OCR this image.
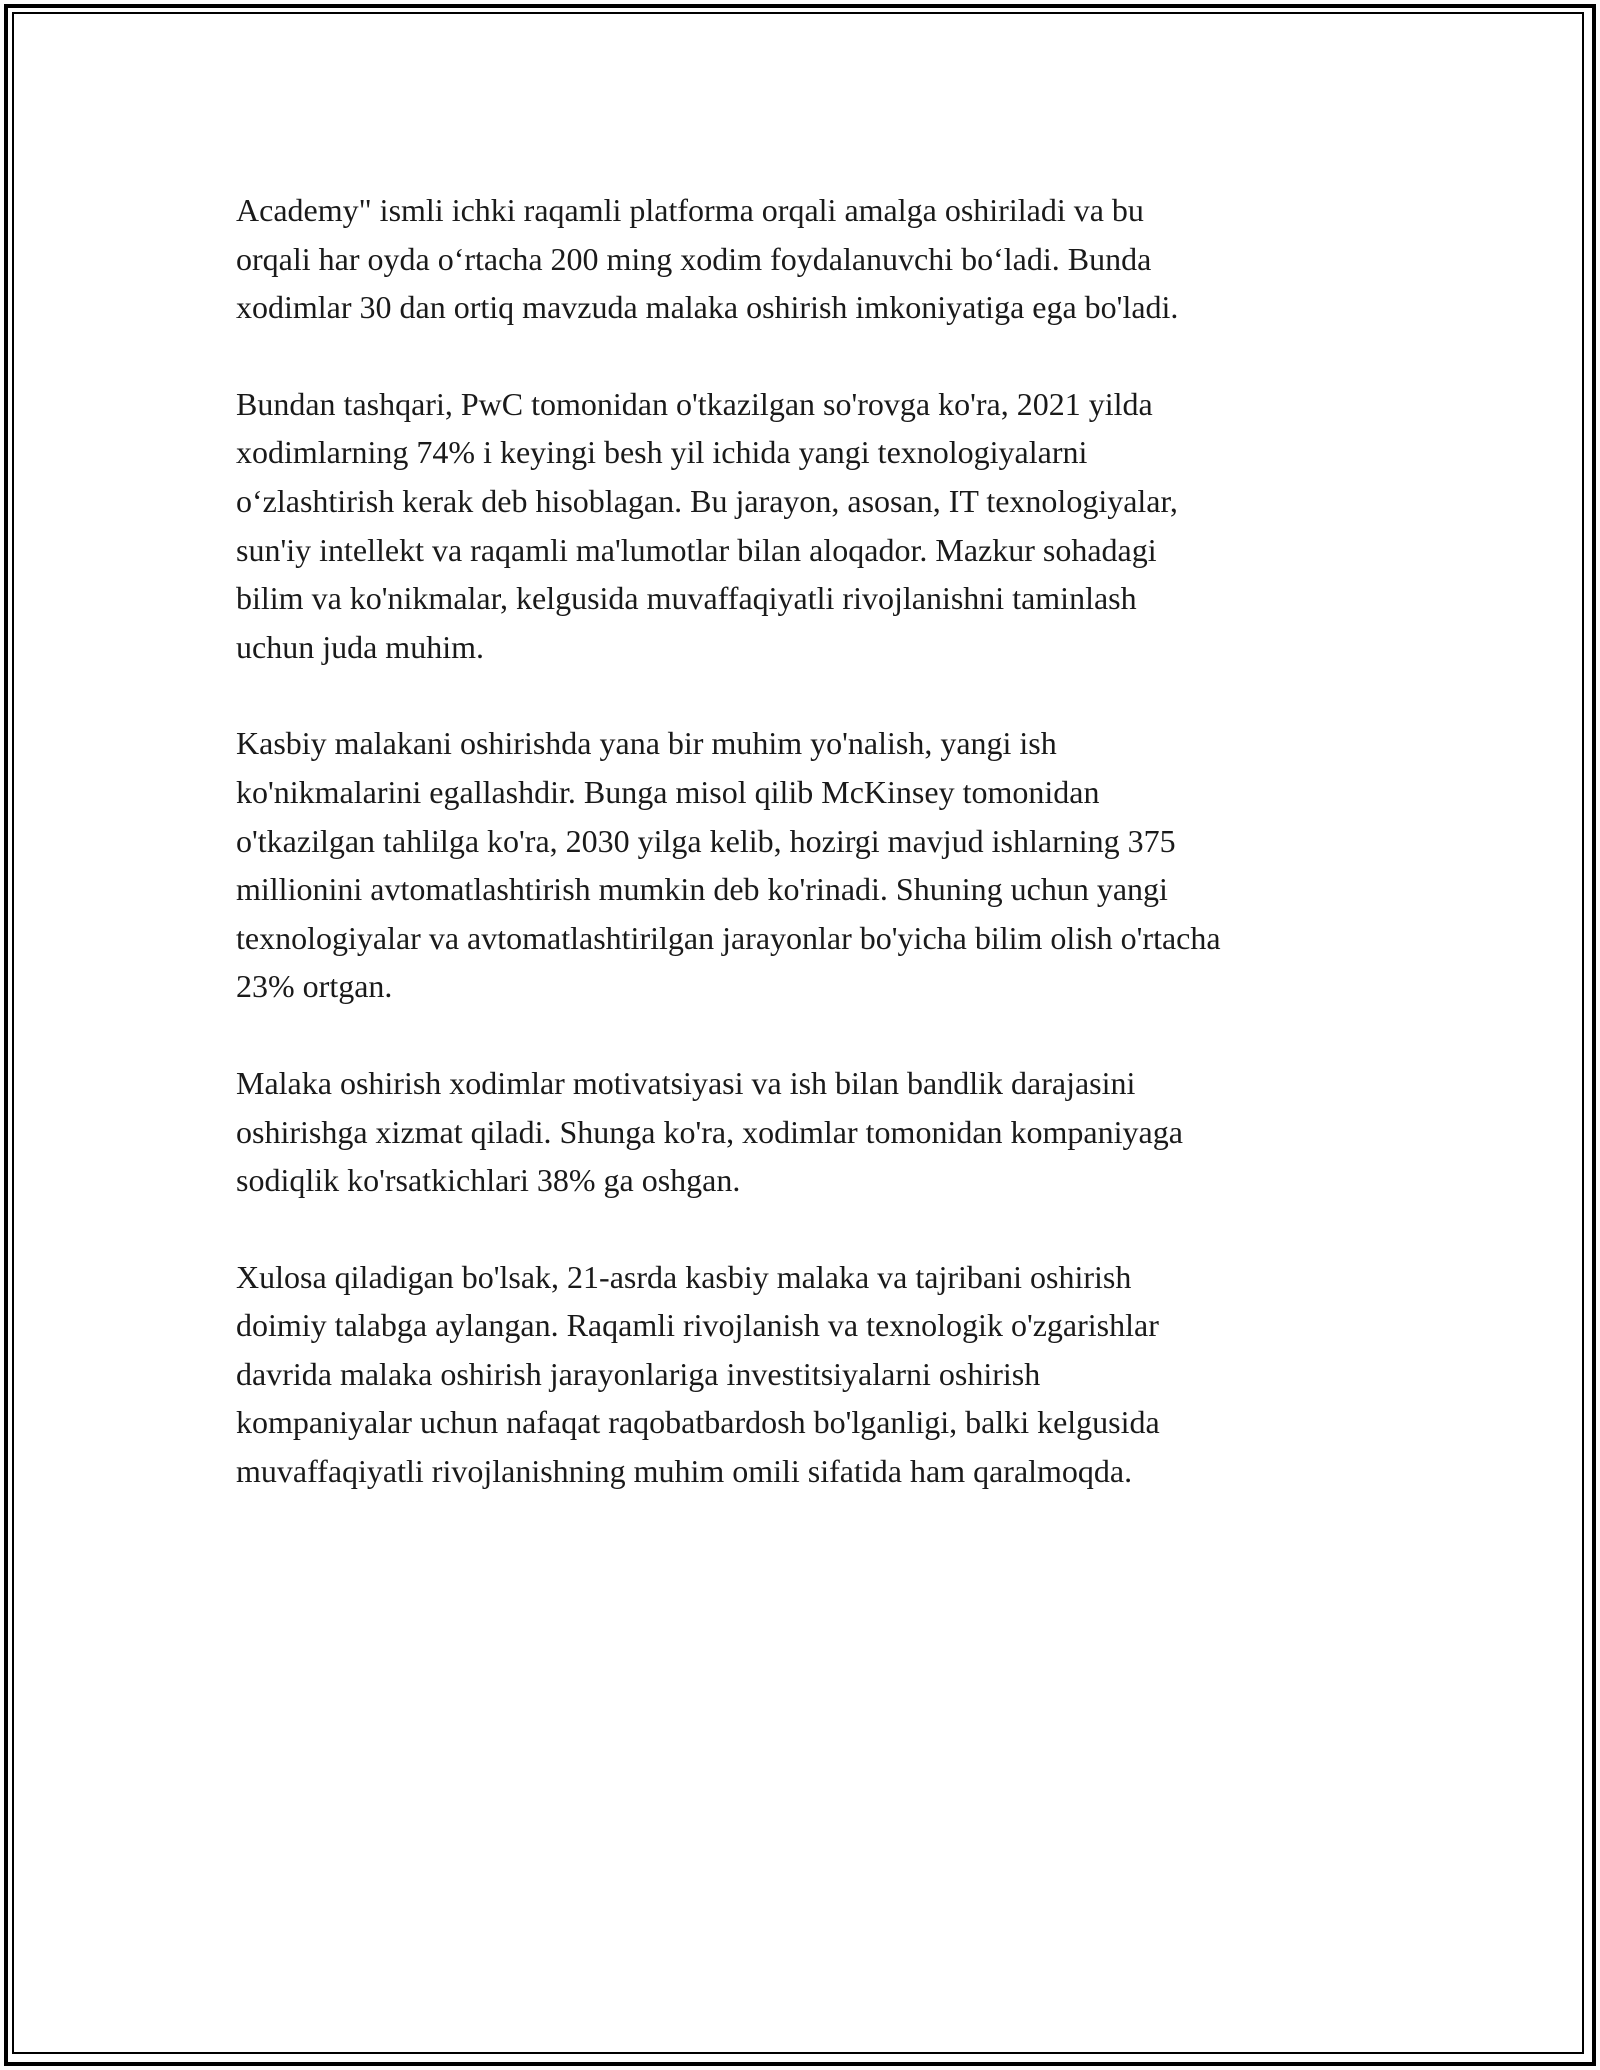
Academy" ismli ichki raqamli platforma orqali amalga oshiriladi va bu
orqali har oyda o‘rtacha 200 ming xodim foydalanuvchi bo‘ladi. Bunda
xodimlar 30 dan ortiq mavzuda malaka oshirish imkoniyatiga ega bo'ladi.

Bundan tashqari, PwC tomonidan o'tkazilgan so'rovga ko'ra, 2021 yilda
xodimlarning 74% i keyingi besh yil ichida yangi texnologiyalarni
o‘zlashtirish kerak deb hisoblagan. Bu jarayon, asosan, IT texnologiyalar,
sun'iy intellekt va raqamli ma'lumotlar bilan aloqador. Mazkur sohadagi
bilim va ko'nikmalar, kelgusida muvaffaqiyatli rivojlanishni taminlash
uchun juda muhim.

Kasbiy malakani oshirishda yana bir muhim yo'nalish, yangi ish
ko'nikmalarini egallashdir. Bunga misol qilib McKinsey tomonidan
o'tkazilgan tahlilga ko'ra, 2030 yilga kelib, hozirgi mavjud ishlarning 375
millionini avtomatlashtirish mumkin deb ko'rinadi. Shuning uchun yangi
texnologiyalar va avtomatlashtirilgan jarayonlar bo'yicha bilim olish o'rtacha
23% ortgan.

Malaka oshirish xodimlar motivatsiyasi va ish bilan bandlik darajasini
oshirishga xizmat qiladi. Shunga ko'ra, xodimlar tomonidan kompaniyaga
sodiqlik ko'rsatkichlari 38% ga oshgan.

Xulosa qiladigan bo'lsak, 21-asrda kasbiy malaka va tajribani oshirish
doimiy talabga aylangan. Raqamli rivojlanish va texnologik o'zgarishlar
davrida malaka oshirish jarayonlariga investitsiyalarni oshirish
kompaniyalar uchun nafaqat raqobatbardosh bo'lganligi, balki kelgusida
muvaffaqiyatli rivojlanishning muhim omili sifatida ham qaralmoqda.
